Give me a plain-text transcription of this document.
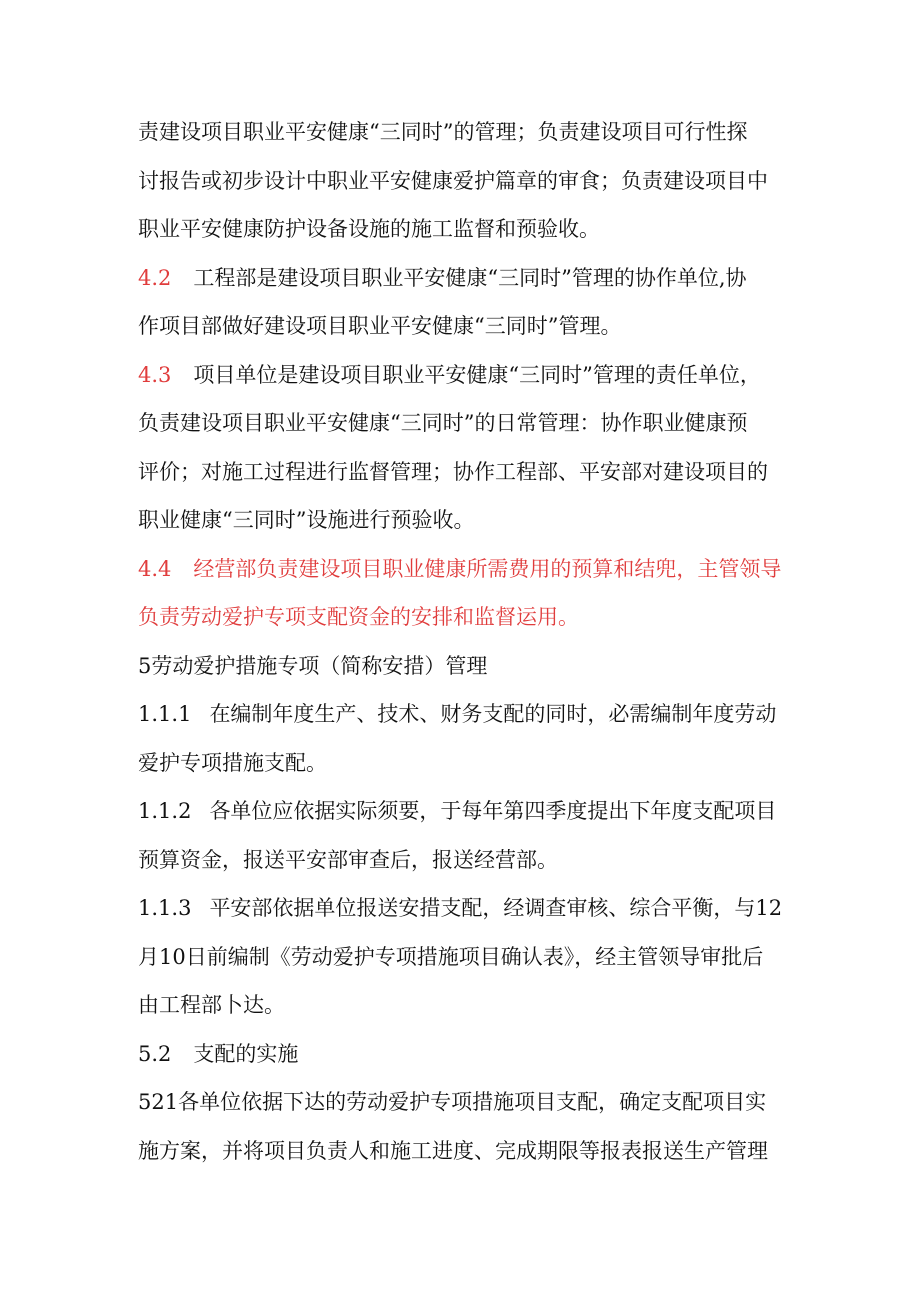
责建设项目职业平安健康“三同时”的管理；负责建设项目可行性探
讨报告或初步设计中职业平安健康爱护篇章的审食；负责建设项目中
职业平安健康防护设备设施的施工监督和预验收。
4.2 工程部是建设项目职业平安健康“三同时”管理的协作单位,协
作项目部做好建设项目职业平安健康“三同时”管理。
4.3 项目单位是建设项目职业平安健康“三同时”管理的责任单位，
负责建设项目职业平安健康“三同时”的日常管理：协作职业健康预
评价；对施工过程进行监督管理；协作工程部、平安部对建设项目的
职业健康“三同时”设施进行预验收。
4.4 经营部负责建设项目职业健康所需费用的预算和结兜，主管领导
负责劳动爱护专项支配资金的安排和监督运用。
5劳动爱护措施专项（简称安措）管理
1.1.1 在编制年度生产、技术、财务支配的同时，必需编制年度劳动
爱护专项措施支配。
1.1.2 各单位应依据实际须要，于每年第四季度提出下年度支配项目
预算资金，报送平安部审查后，报送经营部。
1.1.3 平安部依据单位报送安措支配，经调查审核、综合平衡，与12
月10日前编制《劳动爱护专项措施项目确认表》，经主管领导审批后
由工程部卜达。
5.2 支配的实施
521各单位依据下达的劳动爱护专项措施项目支配，确定支配项目实
施方案，并将项目负责人和施工进度、完成期限等报表报送生产管理
